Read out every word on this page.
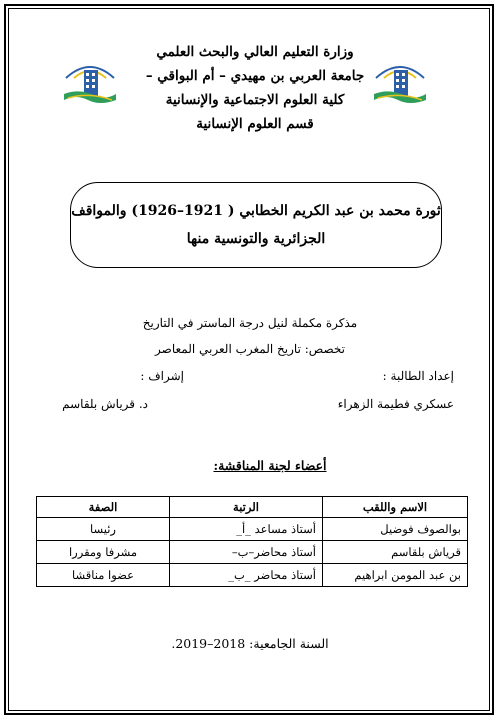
وزارة التعليم العالي والبحث العلمي
جامعة العربي بن مهيدي – أم البواقي –
كلية العلوم الاجتماعية والإنسانية
قسم العلوم الإنسانية
ثورة محمد بن عبد الكريم الخطابي ( 1921–1926) والمواقف
الجزائرية والتونسية منها
مذكرة مكملة لنيل درجة الماستر في التاريخ
تخصص: تاريخ المغرب العربي المعاصر
إعداد الطالبة :
إشراف :
عسكري فطيمة الزهراء
د. قرياش بلقاسم
أعضاء لجنة المناقشة:
الاسم واللقب	الرتبة	الصفة
بوالصوف فوضيل	أستاذ مساعد _أ_	رئيسا
قرياش بلقاسم	أستاذ محاضر–ب–	مشرفا ومقررا
بن عبد المومن ابراهيم	أستاذ محاضر _ب_	عضوا مناقشا
السنة الجامعية: 2018–2019.
